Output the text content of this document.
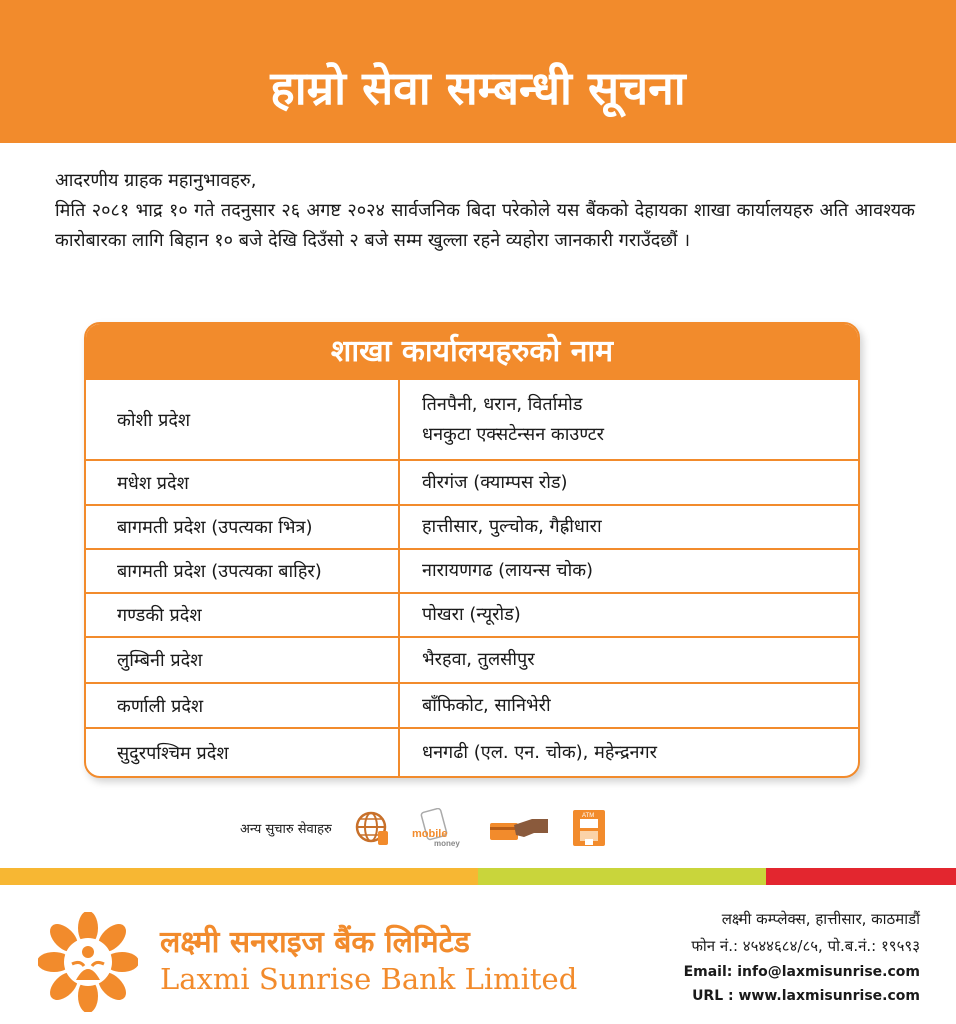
हाम्रो सेवा सम्बन्धी सूचना

आदरणीय ग्राहक महानुभावहरु,

मिति २०८१ भाद्र १० गते तदनुसार २६ अगष्ट २०२४ सार्वजनिक बिदा परेकोले यस बैंकको देहायका शाखा कार्यालयहरु अति आवश्यक कारोबारका लागि बिहान १० बजे देखि दिउँसो २ बजे सम्म खुल्ला रहने व्यहोरा जानकारी गराउँदछौं ।

शाखा कार्यालयहरुको नाम
कोशी प्रदेश	तिनपैनी, धरान, विर्तामोड
धनकुटा एक्सटेन्सन काउण्टर

मधेश प्रदेश	वीरगंज (क्याम्पस रोड)
बागमती प्रदेश (उपत्यका भित्र)	हात्तीसार, पुल्चोक, गैह्रीधारा
बागमती प्रदेश (उपत्यका बाहिर)	नारायणगढ (लायन्स चोक)
गण्डकी प्रदेश	पोखरा (न्यूरोड)
लुम्बिनी प्रदेश	भैरहवा, तुलसीपुर
कर्णाली प्रदेश	बाँफिकोट, सानिभेरी
सुदुरपश्चिम प्रदेश	धनगढी (एल. एन. चोक), महेन्द्रनगर
अन्य सुचारु सेवाहरु	mobile
money
ATM
लक्ष्मी सनराइज बैंक लिमिटेड
Laxmi Sunrise Bank Limited
लक्ष्मी कम्प्लेक्स, हात्तीसार, काठमाडौं
फोन नं.: ४५४४६८४/८५, पो.ब.नं.: १९५९३
Email: info@laxmisunrise.com
URL : www.laxmisunrise.com
